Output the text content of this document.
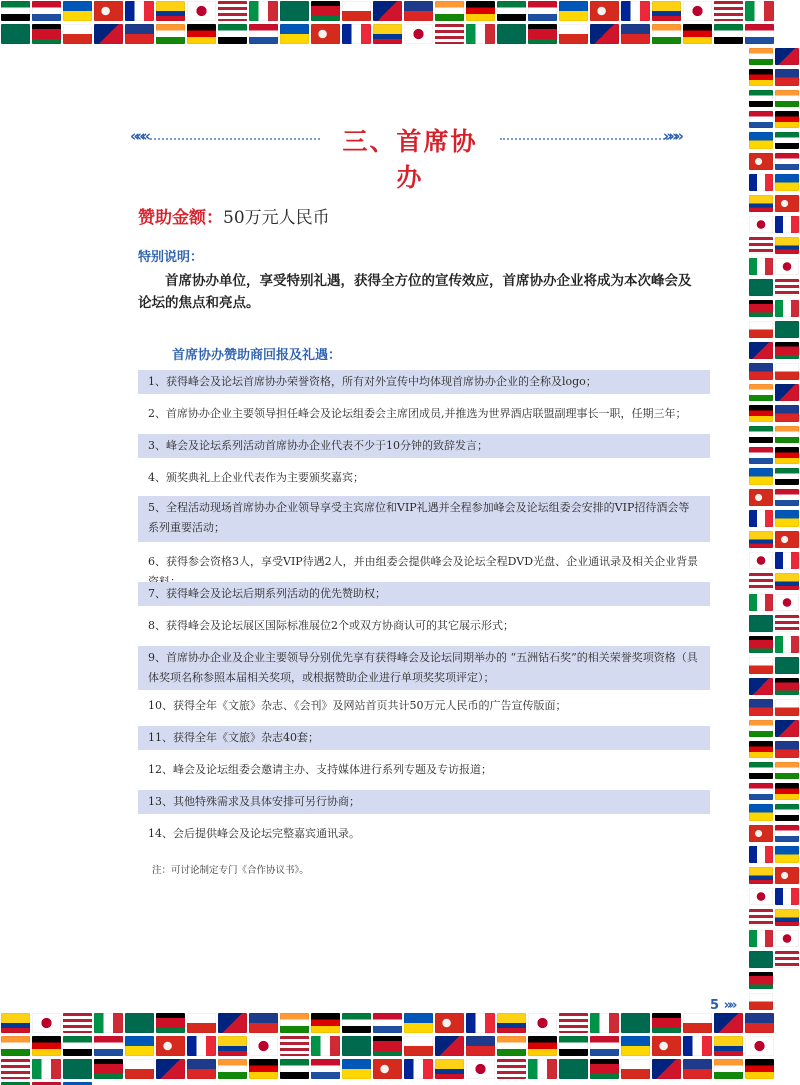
«««	三、首席协办
»»»
赞助金额：50万元人民币
特别说明：
首席协办单位，享受特别礼遇，获得全方位的宣传效应，首席协办企业将成为本次峰会及论坛的焦点和亮点。
首席协办赞助商回报及礼遇：
1、获得峰会及论坛首席协办荣誉资格，所有对外宣传中均体现首席协办企业的全称及logo；
2、首席协办企业主要领导担任峰会及论坛组委会主席团成员,并推选为世界酒店联盟副理事长一职，任期三年；
3、峰会及论坛系列活动首席协办企业代表不少于10分钟的致辞发言；
4、颁奖典礼上企业代表作为主要颁奖嘉宾；
5、全程活动现场首席协办企业领导享受主宾席位和VIP礼遇并全程参加峰会及论坛组委会安排的VIP招待酒会等系列重要活动；
6、获得参会资格3人，享受VIP待遇2人，并由组委会提供峰会及论坛全程DVD光盘、企业通讯录及相关企业背景
7、获得峰会及论坛后期系列活动的优先赞助权；
8、获得峰会及论坛展区国际标准展位2个或双方协商认可的其它展示形式；
9、首席协办企业及企业主要领导分别优先享有获得峰会及论坛同期举办的 “五洲钻石奖”的相关荣誉奖项资格（具体奖项名称参照本届相关奖项，或根据赞助企业进行单项奖奖项评定）；
10、获得全年《文旅》杂志、《会刊》及网站首页共计50万元人民币的广告宣传版面；
11、获得全年《文旅》杂志40套；
12、峰会及论坛组委会邀请主办、支持媒体进行系列专题及专访报道；
13、其他特殊需求及具体安排可另行协商；
14、会后提供峰会及论坛完整嘉宾通讯录。
注：可讨论制定专门《合作协议书》。
5 »»
